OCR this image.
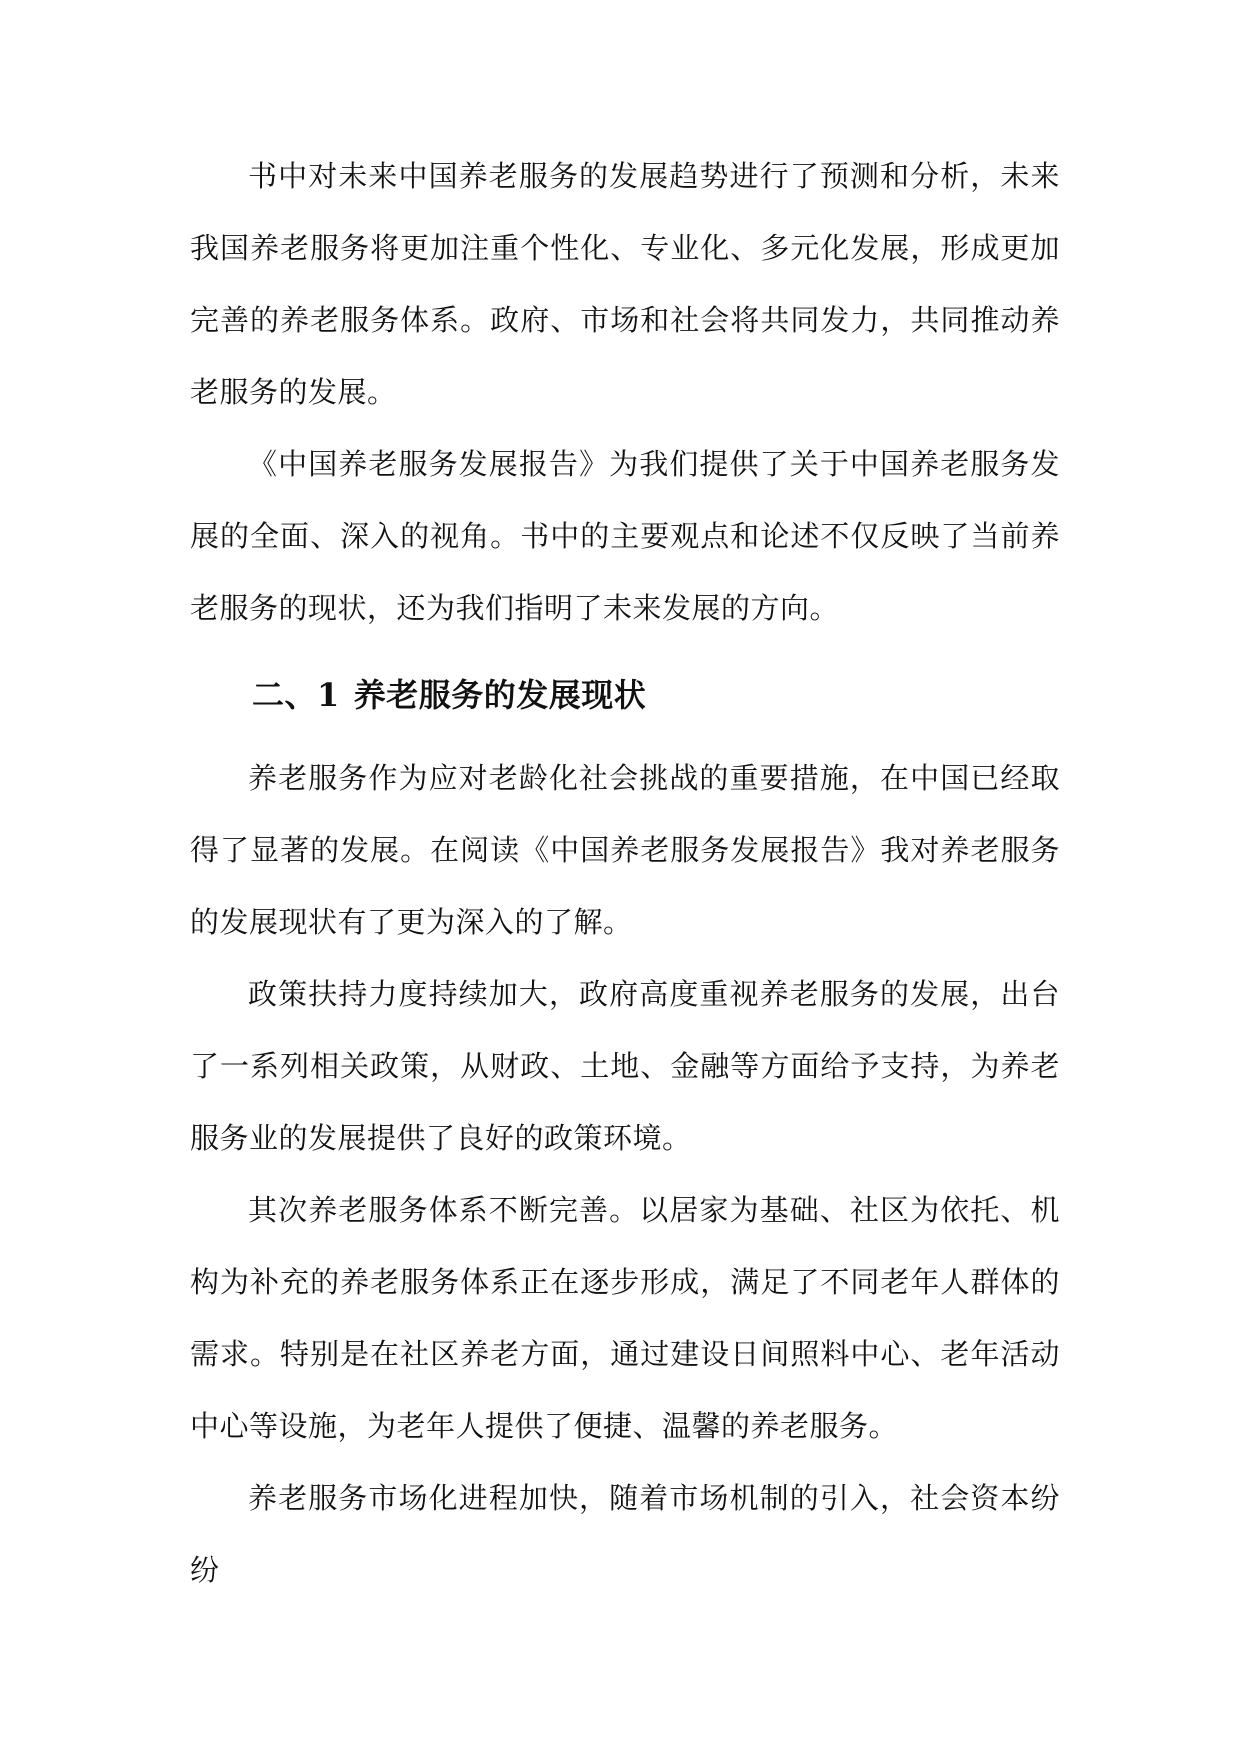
书中对未来中国养老服务的发展趋势进行了预测和分析，未来我国养老服务将更加注重个性化、专业化、多元化发展，形成更加完善的养老服务体系。政府、市场和社会将共同发力，共同推动养老服务的发展。

《中国养老服务发展报告》为我们提供了关于中国养老服务发展的全面、深入的视角。书中的主要观点和论述不仅反映了当前养老服务的现状，还为我们指明了未来发展的方向。

二、1 养老服务的发展现状

养老服务作为应对老龄化社会挑战的重要措施，在中国已经取得了显著的发展。在阅读《中国养老服务发展报告》我对养老服务的发展现状有了更为深入的了解。

政策扶持力度持续加大，政府高度重视养老服务的发展，出台了一系列相关政策，从财政、土地、金融等方面给予支持，为养老服务业的发展提供了良好的政策环境。

其次养老服务体系不断完善。以居家为基础、社区为依托、机构为补充的养老服务体系正在逐步形成，满足了不同老年人群体的需求。特别是在社区养老方面，通过建设日间照料中心、老年活动中心等设施，为老年人提供了便捷、温馨的养老服务。

养老服务市场化进程加快，随着市场机制的引入，社会资本纷纷
